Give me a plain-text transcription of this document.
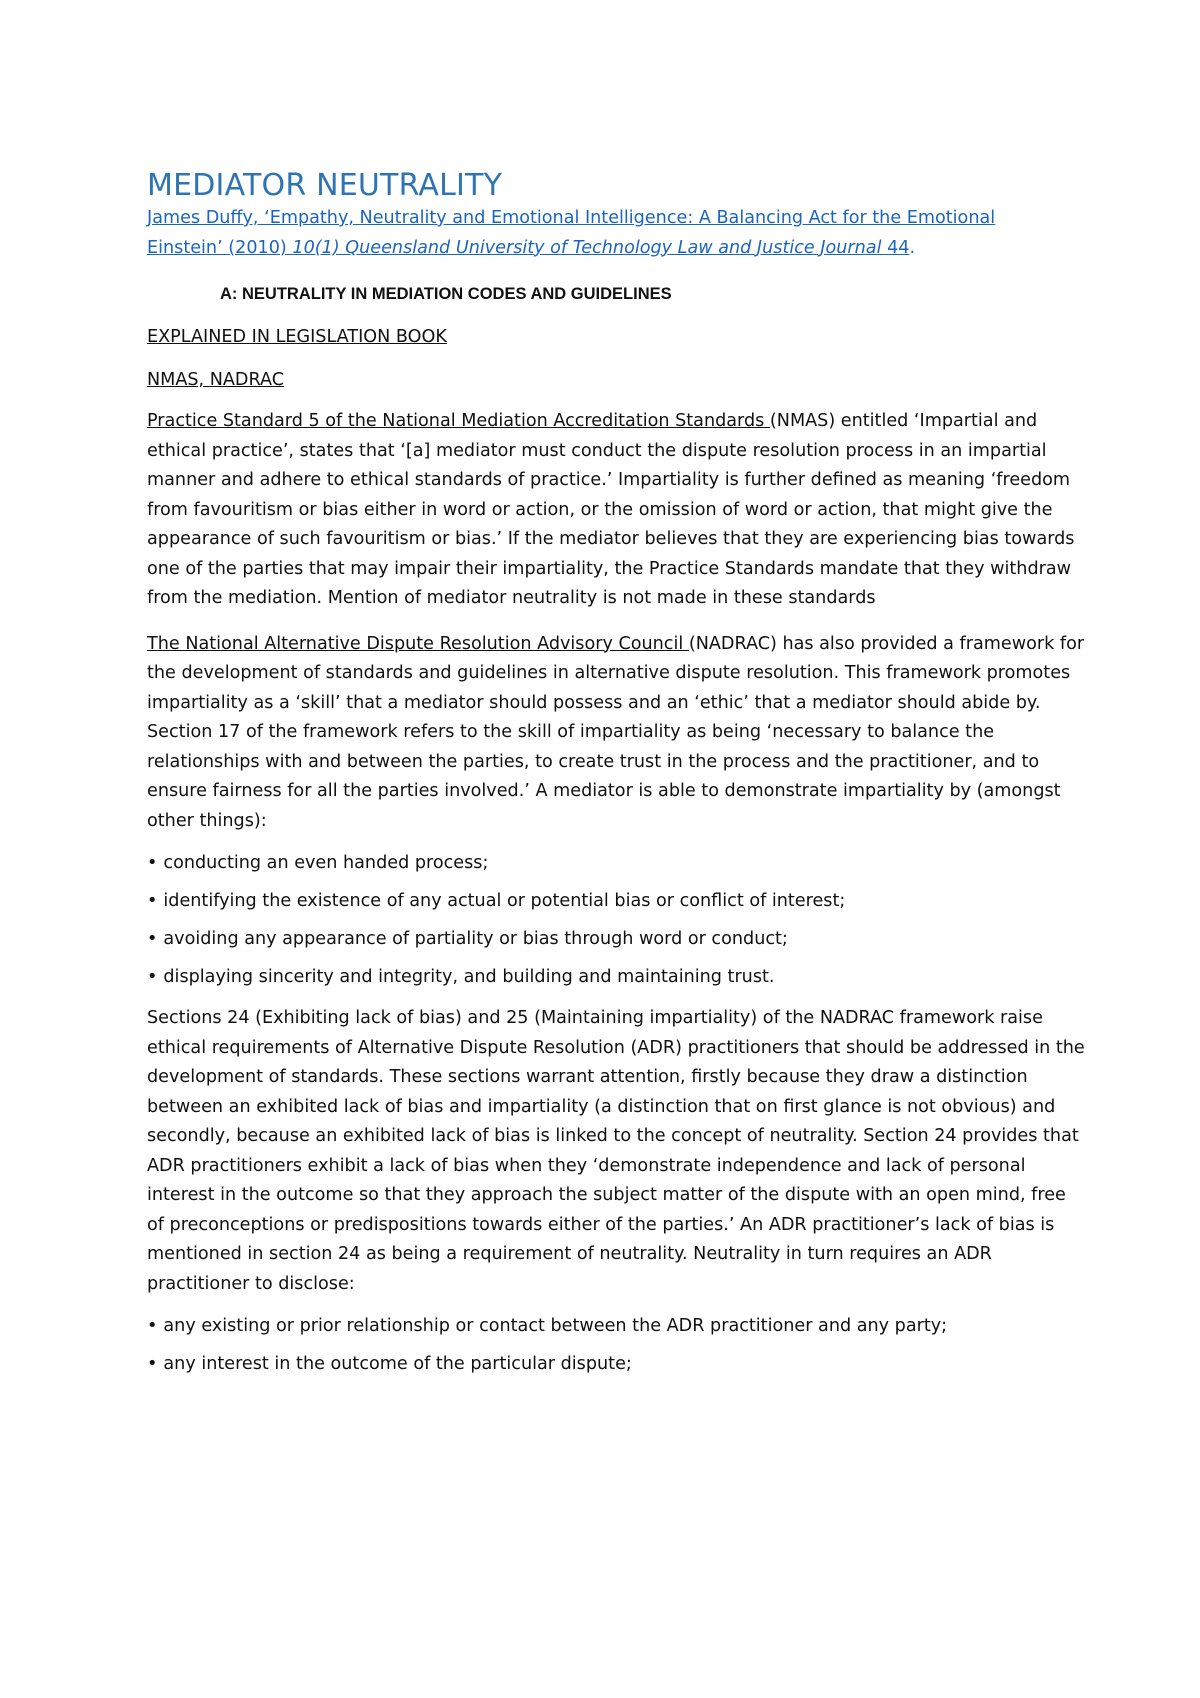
MEDIATOR NEUTRALITY

James Duffy, ‘Empathy, Neutrality and Emotional Intelligence: A Balancing Act for the Emotional
Einstein’ (2010) 10(1) Queensland University of Technology Law and Justice Journal 44.

A: NEUTRALITY IN MEDIATION CODES AND GUIDELINES

EXPLAINED IN LEGISLATION BOOK

NMAS, NADRAC

Practice Standard 5 of the National Mediation Accreditation Standards (NMAS) entitled ‘Impartial and ethical practice’, states that ‘[a] mediator must conduct the dispute resolution process in an impartial manner and adhere to ethical standards of practice.’ Impartiality is further defined as meaning ‘freedom from favouritism or bias either in word or action, or the omission of word or action, that might give the appearance of such favouritism or bias.’ If the mediator believes that they are experiencing bias towards one of the parties that may impair their impartiality, the Practice Standards mandate that they withdraw from the mediation. Mention of mediator neutrality is not made in these standards

The National Alternative Dispute Resolution Advisory Council (NADRAC) has also provided a framework for the development of standards and guidelines in alternative dispute resolution. This framework promotes impartiality as a ‘skill’ that a mediator should possess and an ‘ethic’ that a mediator should abide by. Section 17 of the framework refers to the skill of impartiality as being ‘necessary to balance the relationships with and between the parties, to create trust in the process and the practitioner, and to ensure fairness for all the parties involved.’ A mediator is able to demonstrate impartiality by (amongst other things):

• conducting an even handed process;

• identifying the existence of any actual or potential bias or conflict of interest;

• avoiding any appearance of partiality or bias through word or conduct;

• displaying sincerity and integrity, and building and maintaining trust.

Sections 24 (Exhibiting lack of bias) and 25 (Maintaining impartiality) of the NADRAC framework raise ethical requirements of Alternative Dispute Resolution (ADR) practitioners that should be addressed in the development of standards. These sections warrant attention, firstly because they draw a distinction between an exhibited lack of bias and impartiality (a distinction that on first glance is not obvious) and secondly, because an exhibited lack of bias is linked to the concept of neutrality. Section 24 provides that ADR practitioners exhibit a lack of bias when they ‘demonstrate independence and lack of personal interest in the outcome so that they approach the subject matter of the dispute with an open mind, free of preconceptions or predispositions towards either of the parties.’ An ADR practitioner’s lack of bias is mentioned in section 24 as being a requirement of neutrality. Neutrality in turn requires an ADR practitioner to disclose:

• any existing or prior relationship or contact between the ADR practitioner and any party;

• any interest in the outcome of the particular dispute;
